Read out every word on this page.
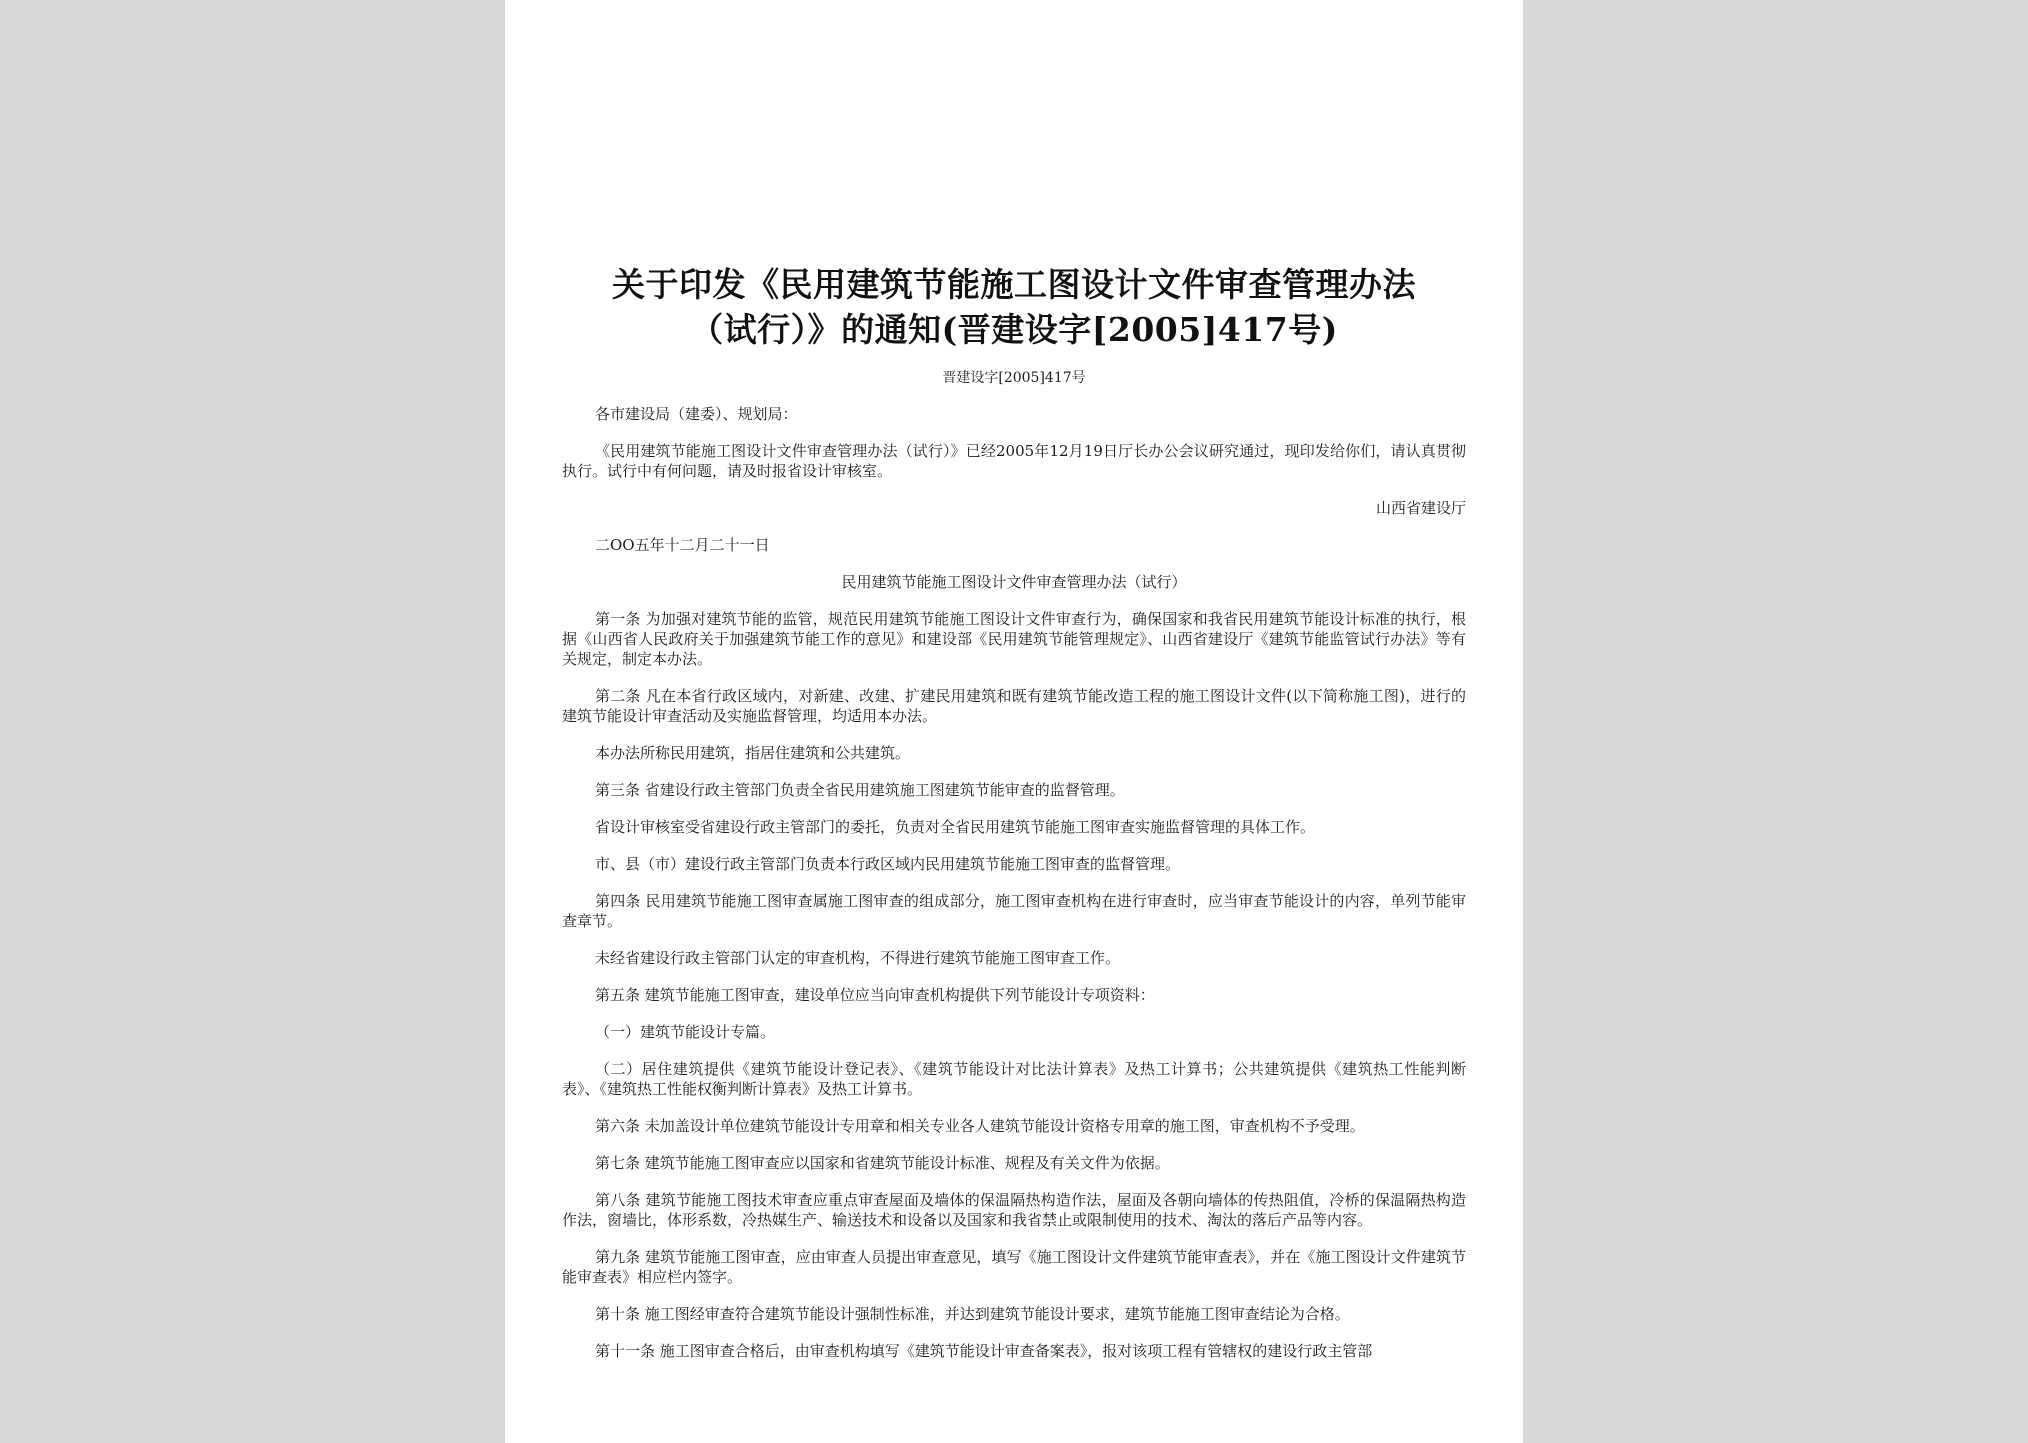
关于印发《民用建筑节能施工图设计文件审查管理办法
（试行）》的通知(晋建设字[2005]417号)
晋建设字[2005]417号

各市建设局（建委）、规划局：

《民用建筑节能施工图设计文件审查管理办法（试行）》已经2005年12月19日厅长办公会议研究通过，现印发给你们，请认真贯彻执行。试行中有何问题，请及时报省设计审核室。

山西省建设厅

二OO五年十二月二十一日

民用建筑节能施工图设计文件审查管理办法（试行）

第一条 为加强对建筑节能的监管，规范民用建筑节能施工图设计文件审查行为，确保国家和我省民用建筑节能设计标准的执行，根据《山西省人民政府关于加强建筑节能工作的意见》和建设部《民用建筑节能管理规定》、山西省建设厅《建筑节能监管试行办法》等有关规定，制定本办法。

第二条 凡在本省行政区域内，对新建、改建、扩建民用建筑和既有建筑节能改造工程的施工图设计文件(以下简称施工图)，进行的建筑节能设计审查活动及实施监督管理，均适用本办法。

本办法所称民用建筑，指居住建筑和公共建筑。

第三条 省建设行政主管部门负责全省民用建筑施工图建筑节能审查的监督管理。

省设计审核室受省建设行政主管部门的委托，负责对全省民用建筑节能施工图审查实施监督管理的具体工作。

市、县（市）建设行政主管部门负责本行政区域内民用建筑节能施工图审查的监督管理。

第四条 民用建筑节能施工图审查属施工图审查的组成部分，施工图审查机构在进行审查时，应当审查节能设计的内容，单列节能审查章节。

未经省建设行政主管部门认定的审查机构，不得进行建筑节能施工图审查工作。

第五条 建筑节能施工图审查，建设单位应当向审查机构提供下列节能设计专项资料：

（一）建筑节能设计专篇。

（二）居住建筑提供《建筑节能设计登记表》、《建筑节能设计对比法计算表》及热工计算书；公共建筑提供《建筑热工性能判断表》、《建筑热工性能权衡判断计算表》及热工计算书。

第六条 未加盖设计单位建筑节能设计专用章和相关专业各人建筑节能设计资格专用章的施工图，审查机构不予受理。

第七条 建筑节能施工图审查应以国家和省建筑节能设计标准、规程及有关文件为依据。

第八条 建筑节能施工图技术审查应重点审查屋面及墙体的保温隔热构造作法，屋面及各朝向墙体的传热阻值，冷桥的保温隔热构造作法，窗墙比，体形系数，冷热媒生产、输送技术和设备以及国家和我省禁止或限制使用的技术、淘汰的落后产品等内容。

第九条 建筑节能施工图审查，应由审查人员提出审查意见，填写《施工图设计文件建筑节能审查表》，并在《施工图设计文件建筑节能审查表》相应栏内签字。

第十条 施工图经审查符合建筑节能设计强制性标准，并达到建筑节能设计要求，建筑节能施工图审查结论为合格。

第十一条 施工图审查合格后，由审查机构填写《建筑节能设计审查备案表》，报对该项工程有管辖权的建设行政主管部
